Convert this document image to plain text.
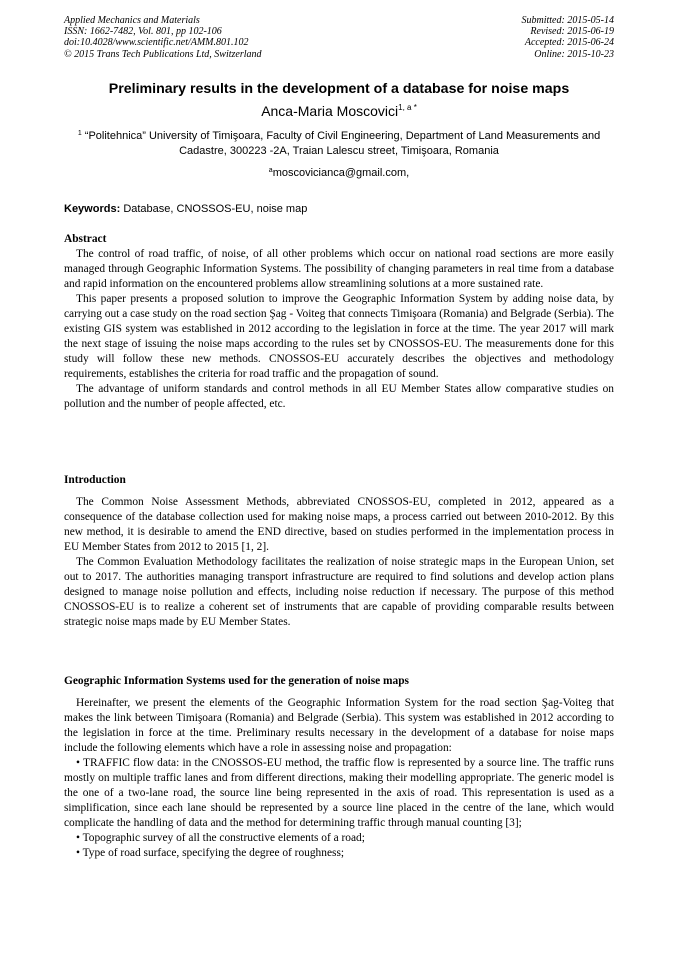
Applied Mechanics and Materials
ISSN: 1662-7482, Vol. 801, pp 102-106
doi:10.4028/www.scientific.net/AMM.801.102
© 2015 Trans Tech Publications Ltd, Switzerland
Submitted: 2015-05-14
Revised: 2015-06-19
Accepted: 2015-06-24
Online: 2015-10-23
Preliminary results in the development of a database for noise maps
Anca-Maria Moscovici$^{1, a *}$
$^1$ “Politehnica” University of Timişoara, Faculty of Civil Engineering, Department of Land Measurements and Cadastre, 300223 -2A, Traian Lalescu street, Timişoara, Romania
$^a$moscovicianca@gmail.com,
Keywords: Database, CNOSSOS-EU, noise map
Abstract

The control of road traffic, of noise, of all other problems which occur on national road sections are more easily managed through Geographic Information Systems. The possibility of changing parameters in real time from a database and rapid information on the encountered problems allow streamlining solutions at a more sustained rate.

This paper presents a proposed solution to improve the Geographic Information System by adding noise data, by carrying out a case study on the road section Şag - Voiteg that connects Timişoara (Romania) and Belgrade (Serbia). The existing GIS system was established in 2012 according to the legislation in force at the time. The year 2017 will mark the next stage of issuing the noise maps according to the rules set by CNOSSOS-EU. The measurements done for this study will follow these new methods. CNOSSOS-EU accurately describes the objectives and methodology requirements, establishes the criteria for road traffic and the propagation of sound.

The advantage of uniform standards and control methods in all EU Member States allow comparative studies on pollution and the number of people affected, etc.

Introduction

The Common Noise Assessment Methods, abbreviated CNOSSOS-EU, completed in 2012, appeared as a consequence of the database collection used for making noise maps, a process carried out between 2010-2012. By this new method, it is desirable to amend the END directive, based on studies performed in the implementation process in EU Member States from 2012 to 2015 [1, 2].

The Common Evaluation Methodology facilitates the realization of noise strategic maps in the European Union, set out to 2017. The authorities managing transport infrastructure are required to find solutions and develop action plans designed to manage noise pollution and effects, including noise reduction if necessary. The purpose of this method CNOSSOS-EU is to realize a coherent set of instruments that are capable of providing comparable results between strategic noise maps made by EU Member States.

Geographic Information Systems used for the generation of noise maps

Hereinafter, we present the elements of the Geographic Information System for the road section Şag-Voiteg that makes the link between Timişoara (Romania) and Belgrade (Serbia). This system was established in 2012 according to the legislation in force at the time. Preliminary results necessary in the development of a database for noise maps include the following elements which have a role in assessing noise and propagation:

• TRAFFIC flow data: in the CNOSSOS-EU method, the traffic flow is represented by a source line. The traffic runs mostly on multiple traffic lanes and from different directions, making their modelling appropriate. The generic model is the one of a two-lane road, the source line being represented in the axis of road. This representation is used as a simplification, since each lane should be represented by a source line placed in the centre of the lane, which would complicate the handling of data and the method for determining traffic through manual counting [3];

• Topographic survey of all the constructive elements of a road;

• Type of road surface, specifying the degree of roughness;
